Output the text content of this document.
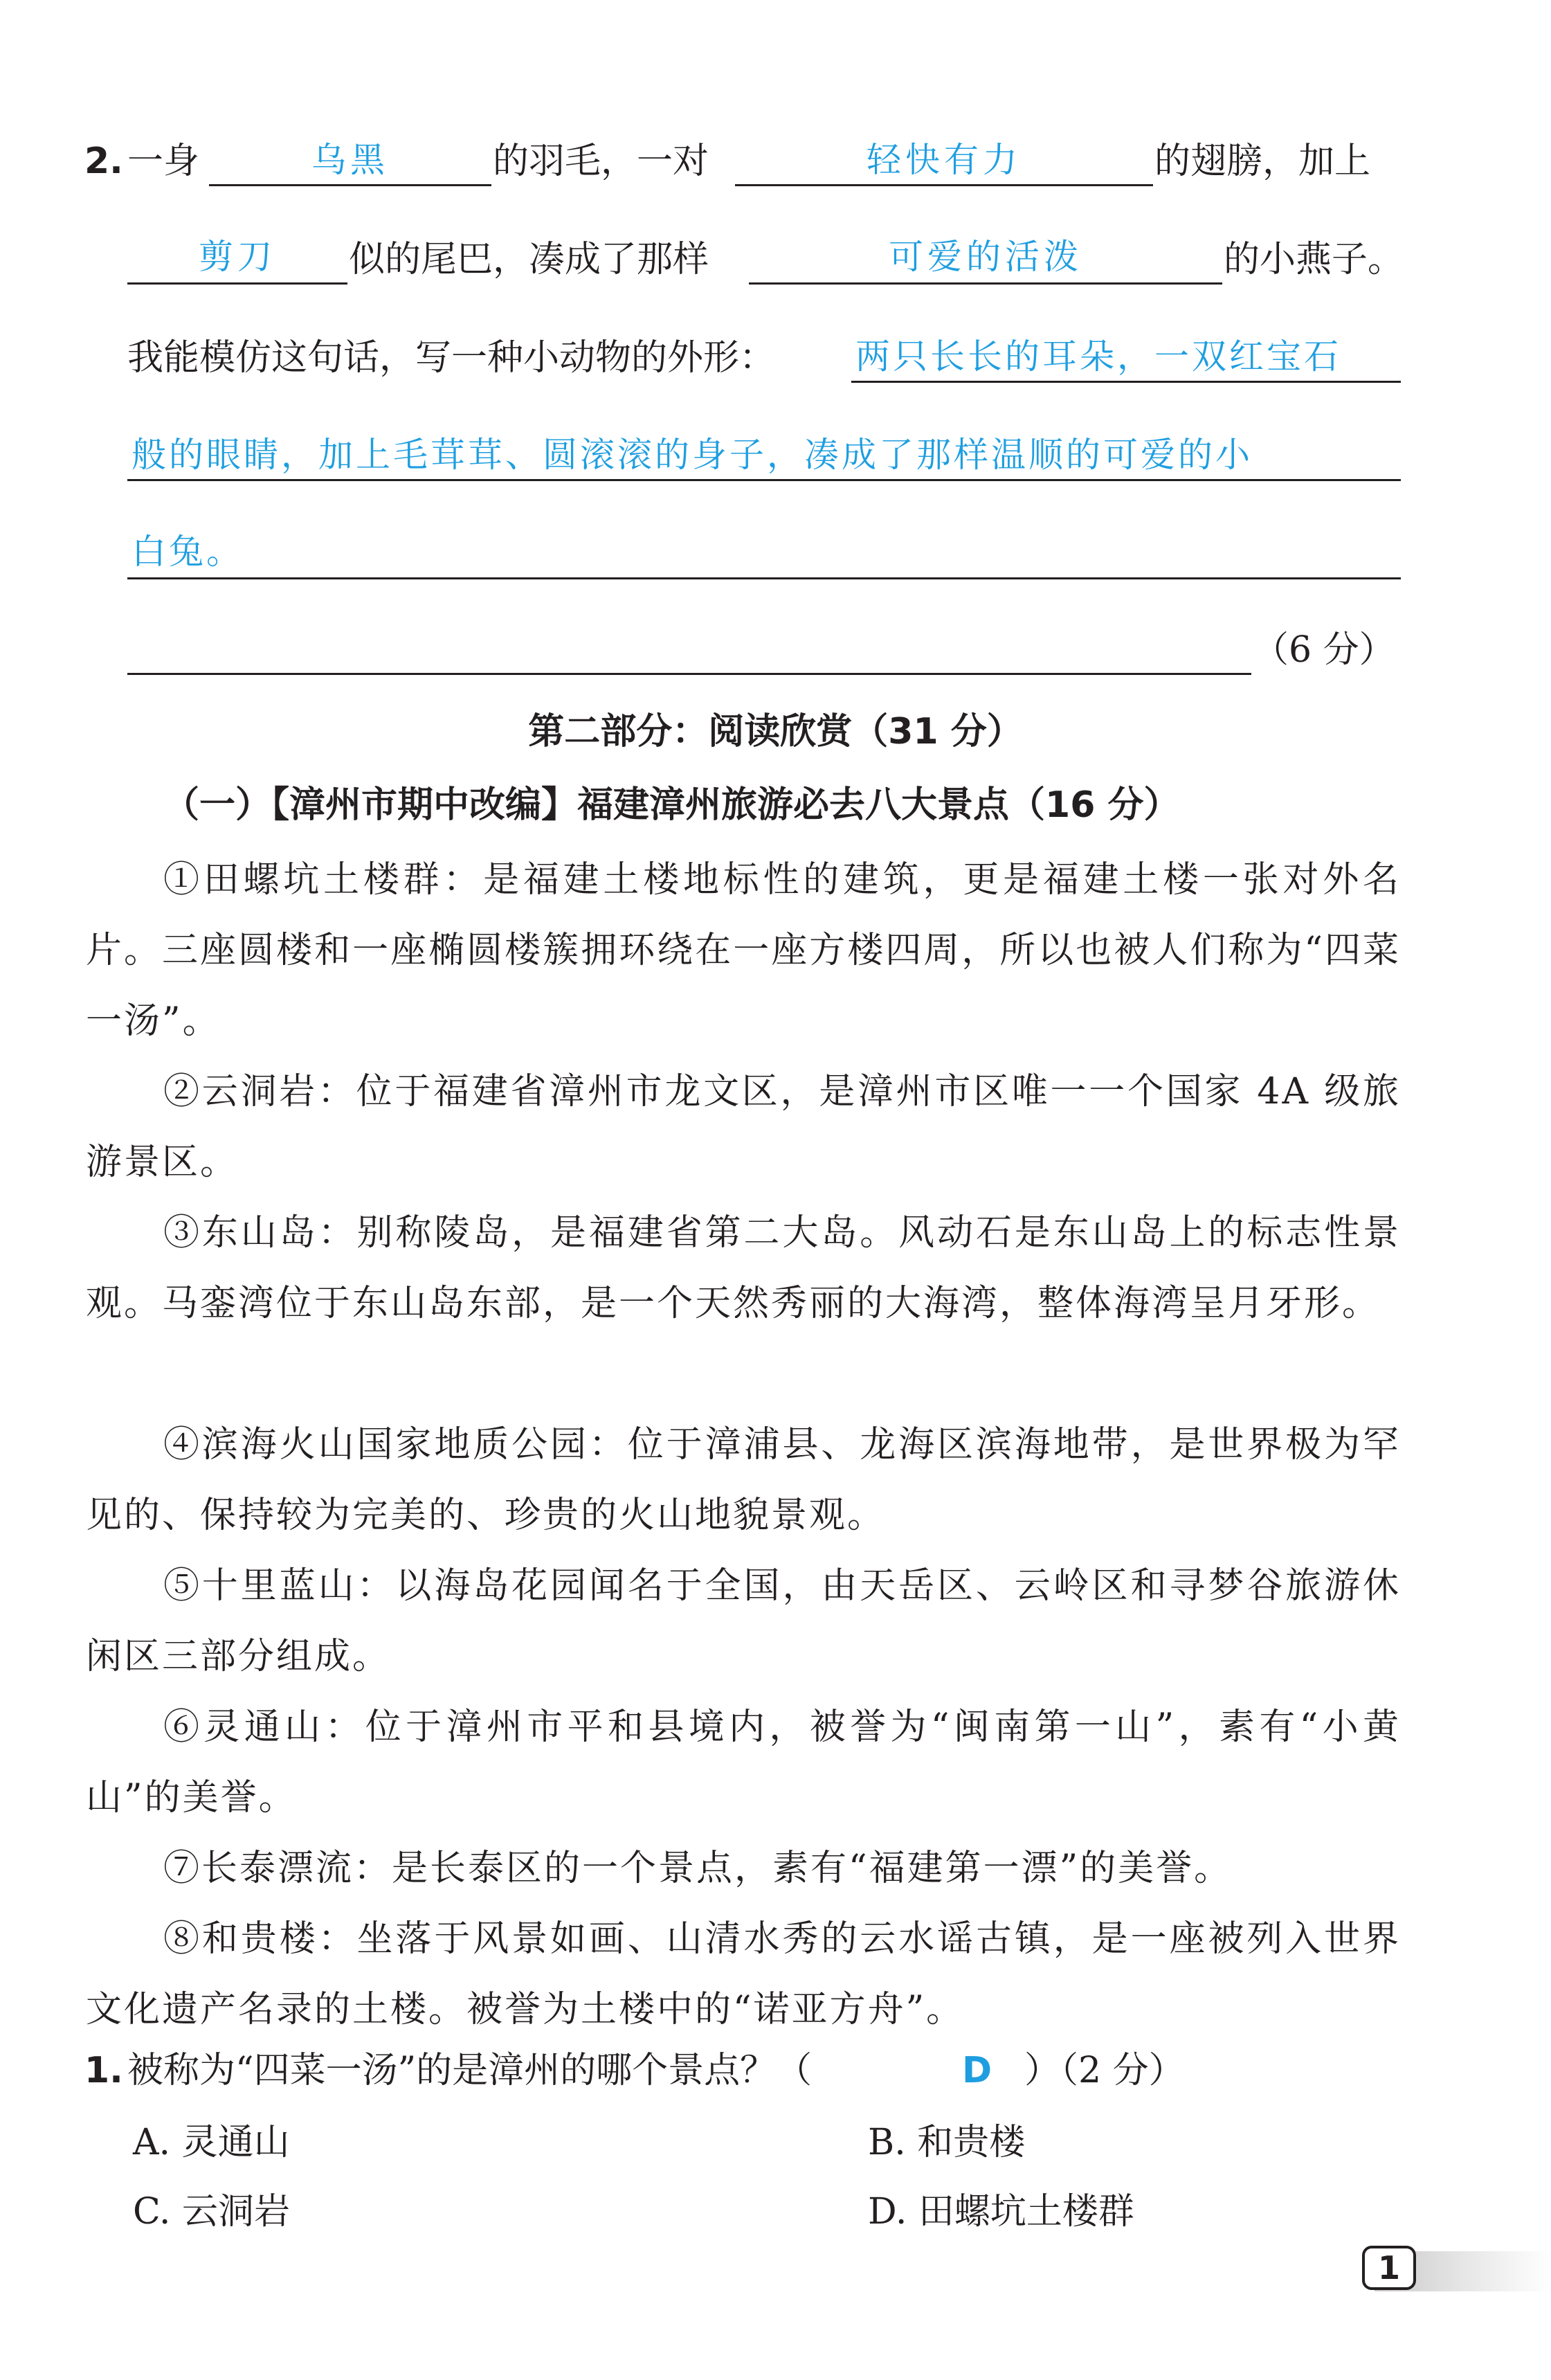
2. 一身	乌黑	的羽毛，一对	轻快有力	的翅膀，加上
剪刀	似的尾巴，凑成了那样	可爱的活泼	的小燕子。
我能模仿这句话，写一种小动物的外形： 两只长长的耳朵，一双红宝石
般的眼睛，加上毛茸茸、圆滚滚的身子，凑成了那样温顺的可爱的小
白兔。
（6 分）
第二部分：阅读欣赏（31 分）
（一）【漳州市期中改编】福建漳州旅游必去八大景点（16 分）
①田螺坑土楼群：是福建土楼地标性的建筑，更是福建土楼一张对外名片。三座圆楼和一座椭圆楼簇拥环绕在一座方楼四周，所以也被人们称为“四菜一汤”。
②云洞岩：位于福建省漳州市龙文区，是漳州市区唯一一个国家 4A 级旅游景区。
③东山岛：别称陵岛，是福建省第二大岛。风动石是东山岛上的标志性景观。马銮湾位于东山岛东部，是一个天然秀丽的大海湾，整体海湾呈月牙形。
④滨海火山国家地质公园：位于漳浦县、龙海区滨海地带，是世界极为罕见的、保持较为完美的、珍贵的火山地貌景观。
⑤十里蓝山：以海岛花园闻名于全国，由天岳区、云岭区和寻梦谷旅游休闲区三部分组成。
⑥灵通山：位于漳州市平和县境内，被誉为“闽南第一山”，素有“小黄山”的美誉。
⑦长泰漂流：是长泰区的一个景点，素有“福建第一漂”的美誉。
⑧和贵楼：坐落于风景如画、山清水秀的云水谣古镇，是一座被列入世界文化遗产名录的土楼。被誉为土楼中的“诺亚方舟”。
1. 被称为“四菜一汤”的是漳州的哪个景点？（	D ）（2 分）
A. 灵通山	B. 和贵楼
C. 云洞岩	D. 田螺坑土楼群
1
